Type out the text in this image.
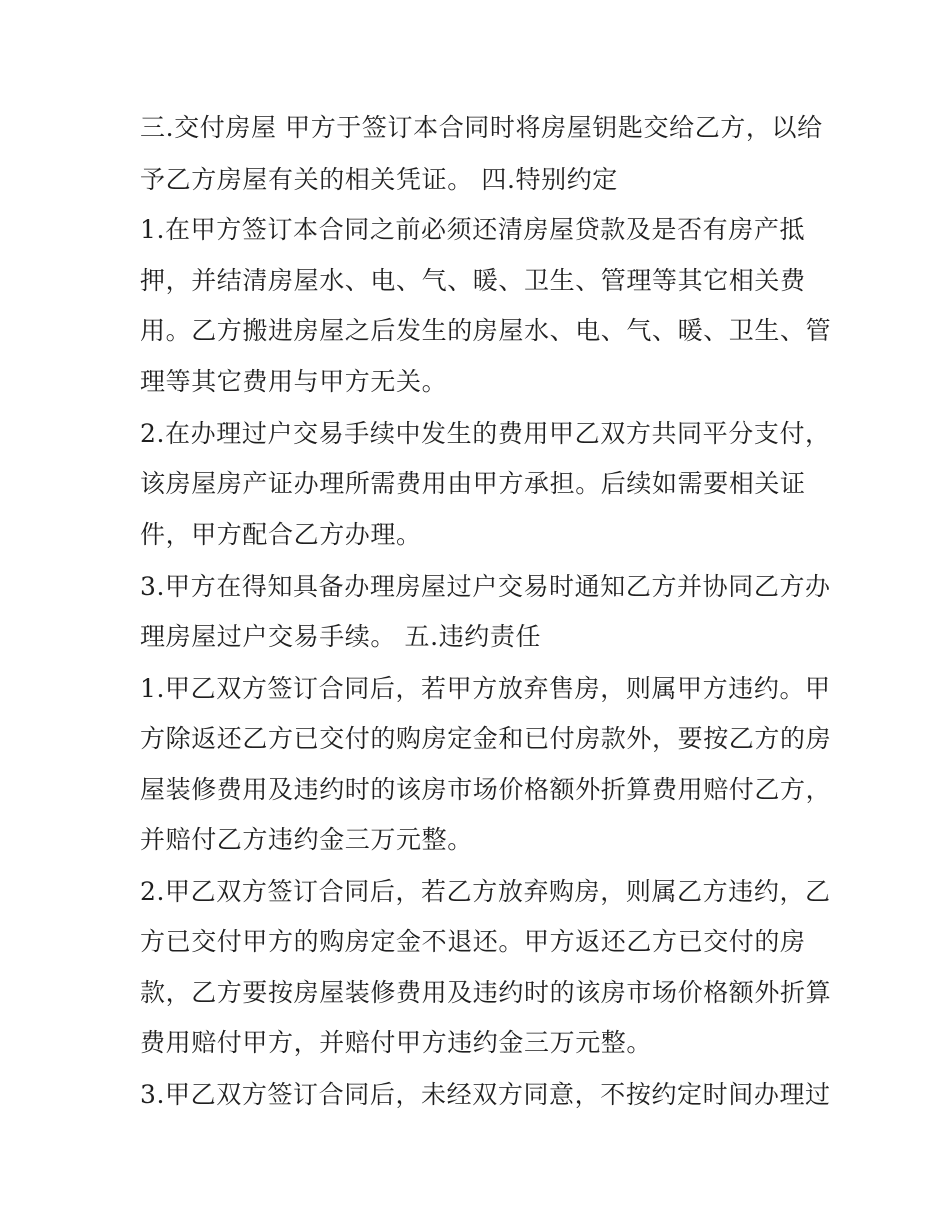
三.交付房屋 甲方于签订本合同时将房屋钥匙交给乙方，以给
予乙方房屋有关的相关凭证。 四.特别约定
1.在甲方签订本合同之前必须还清房屋贷款及是否有房产抵
押，并结清房屋水、电、气、暖、卫生、管理等其它相关费
用。乙方搬进房屋之后发生的房屋水、电、气、暖、卫生、管
理等其它费用与甲方无关。
2.在办理过户交易手续中发生的费用甲乙双方共同平分支付，
该房屋房产证办理所需费用由甲方承担。后续如需要相关证
件，甲方配合乙方办理。
3.甲方在得知具备办理房屋过户交易时通知乙方并协同乙方办
理房屋过户交易手续。 五.违约责任
1.甲乙双方签订合同后，若甲方放弃售房，则属甲方违约。甲
方除返还乙方已交付的购房定金和已付房款外，要按乙方的房
屋装修费用及违约时的该房市场价格额外折算费用赔付乙方，
并赔付乙方违约金三万元整。
2.甲乙双方签订合同后，若乙方放弃购房，则属乙方违约，乙
方已交付甲方的购房定金不退还。甲方返还乙方已交付的房
款，乙方要按房屋装修费用及违约时的该房市场价格额外折算
费用赔付甲方，并赔付甲方违约金三万元整。
3.甲乙双方签订合同后，未经双方同意，不按约定时间办理过
